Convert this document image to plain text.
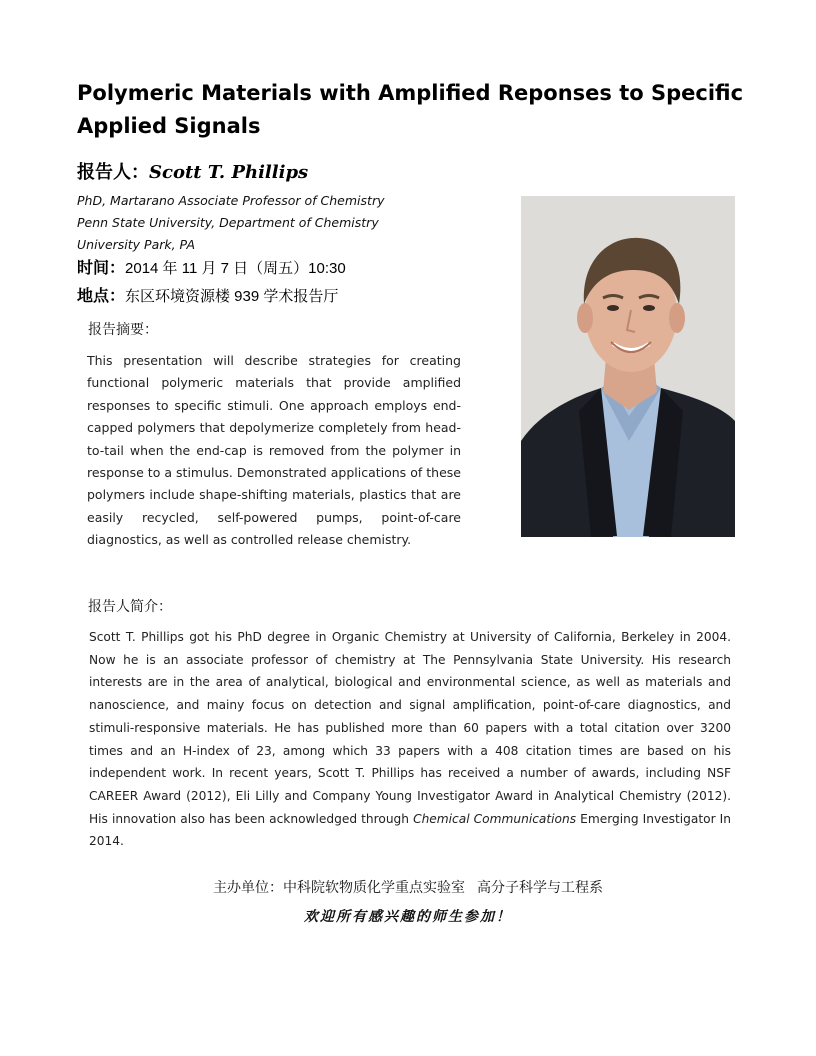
Polymeric Materials with Amplified Reponses to Specific Applied Signals
报告人：Scott T. Phillips
PhD, Martarano Associate Professor of Chemistry
Penn State University, Department of Chemistry
University Park, PA
时间：2014 年 11 月 7 日（周五）10:30
地点：东区环境资源楼 939 学术报告厅
报告摘要：

This presentation will describe strategies for creating functional polymeric materials that provide amplified responses to specific stimuli. One approach employs end-capped polymers that depolymerize completely from head-to-tail when the end-cap is removed from the polymer in response to a stimulus. Demonstrated applications of these polymers include shape-shifting materials, plastics that are easily recycled, self-powered pumps, point-of-care diagnostics, as well as controlled release chemistry.

报告人简介：

Scott T. Phillips got his PhD degree in Organic Chemistry at University of California, Berkeley in 2004. Now he is an associate professor of chemistry at The Pennsylvania State University. His research interests are in the area of analytical, biological and environmental science, as well as materials and nanoscience, and mainy focus on detection and signal amplification, point-of-care diagnostics, and stimuli-responsive materials. He has published more than 60 papers with a total citation over 3200 times and an H-index of 23, among which 33 papers with a 408 citation times are based on his independent work. In recent years, Scott T. Phillips has received a number of awards, including NSF CAREER Award (2012), Eli Lilly and Company Young Investigator Award in Analytical Chemistry (2012). His innovation also has been acknowledged through Chemical Communications Emerging Investigator In 2014.

主办单位：中科院软物质化学重点实验室 高分子科学与工程系
欢迎所有感兴趣的师生参加！
